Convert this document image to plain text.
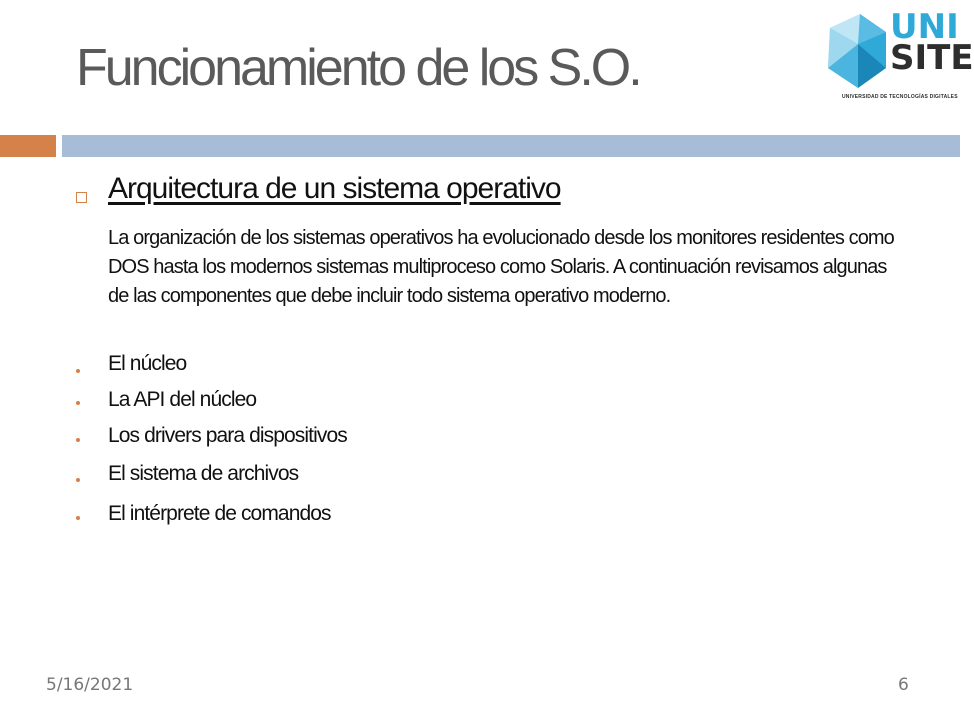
Funcionamiento de los S.O.
UNI
SITE
UNIVERSIDAD DE TECNOLOGÍAS DIGITALES
Arquitectura de un sistema operativo
La organización de los sistemas operativos ha evolucionado desde los monitores residentes como DOS hasta los modernos sistemas multiproceso como Solaris. A continuación revisamos algunas de las componentes que debe incluir todo sistema operativo moderno.
El núcleo
La API del núcleo
Los drivers para dispositivos
El sistema de archivos
El intérprete de comandos
5/16/2021	6
